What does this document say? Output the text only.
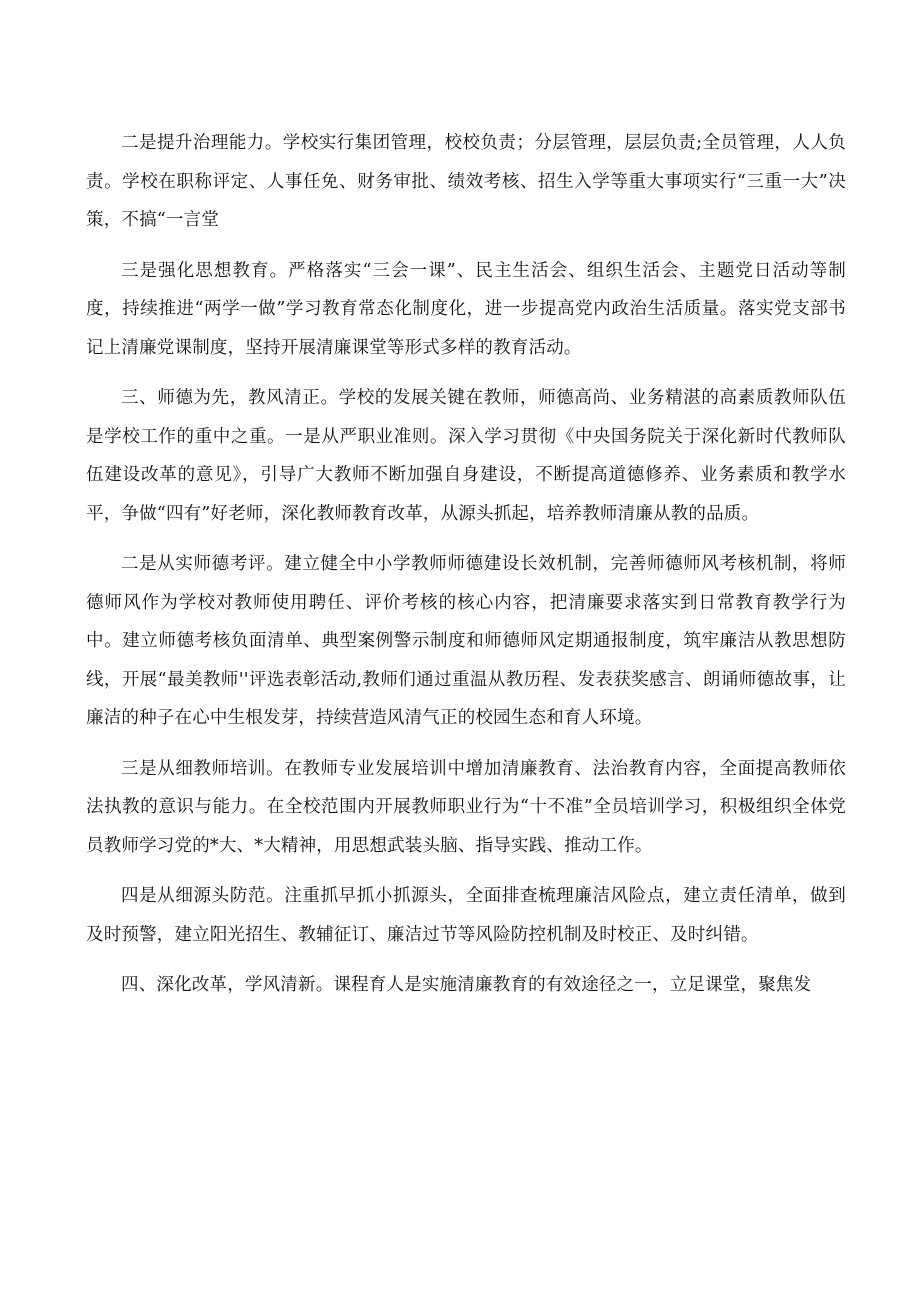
二是提升治理能力。学校实行集团管理，校校负责；分层管理，层层负责;全员管理，人人负责。学校在职称评定、人事任免、财务审批、绩效考核、招生入学等重大事项实行“三重一大”决策，不搞“一言堂

三是强化思想教育。严格落实“三会一课”、民主生活会、组织生活会、主题党日活动等制度，持续推进“两学一做”学习教育常态化制度化，进一步提高党内政治生活质量。落实党支部书记上清廉党课制度，坚持开展清廉课堂等形式多样的教育活动。

三、师德为先，教风清正。学校的发展关键在教师，师德高尚、业务精湛的高素质教师队伍是学校工作的重中之重。一是从严职业准则。深入学习贯彻《中央国务院关于深化新时代教师队伍建设改革的意见》，引导广大教师不断加强自身建设，不断提高道德修养、业务素质和教学水平，争做“四有”好老师，深化教师教育改革，从源头抓起，培养教师清廉从教的品质。

二是从实师德考评。建立健全中小学教师师德建设长效机制，完善师德师风考核机制，将师德师风作为学校对教师使用聘任、评价考核的核心内容，把清廉要求落实到日常教育教学行为中。建立师德考核负面清单、典型案例警示制度和师德师风定期通报制度，筑牢廉洁从教思想防线，开展“最美教师''评选表彰活动,教师们通过重温从教历程、发表获奖感言、朗诵师德故事，让廉洁的种子在心中生根发芽，持续营造风清气正的校园生态和育人环境。

三是从细教师培训。在教师专业发展培训中增加清廉教育、法治教育内容，全面提高教师依法执教的意识与能力。在全校范围内开展教师职业行为“十不准”全员培训学习，积极组织全体党员教师学习党的*大、*大精神，用思想武装头脑、指导实践、推动工作。

四是从细源头防范。注重抓早抓小抓源头，全面排查梳理廉洁风险点，建立责任清单，做到及时预警，建立阳光招生、教辅征订、廉洁过节等风险防控机制及时校正、及时纠错。

四、深化改革，学风清新。课程育人是实施清廉教育的有效途径之一，立足课堂，聚焦发
